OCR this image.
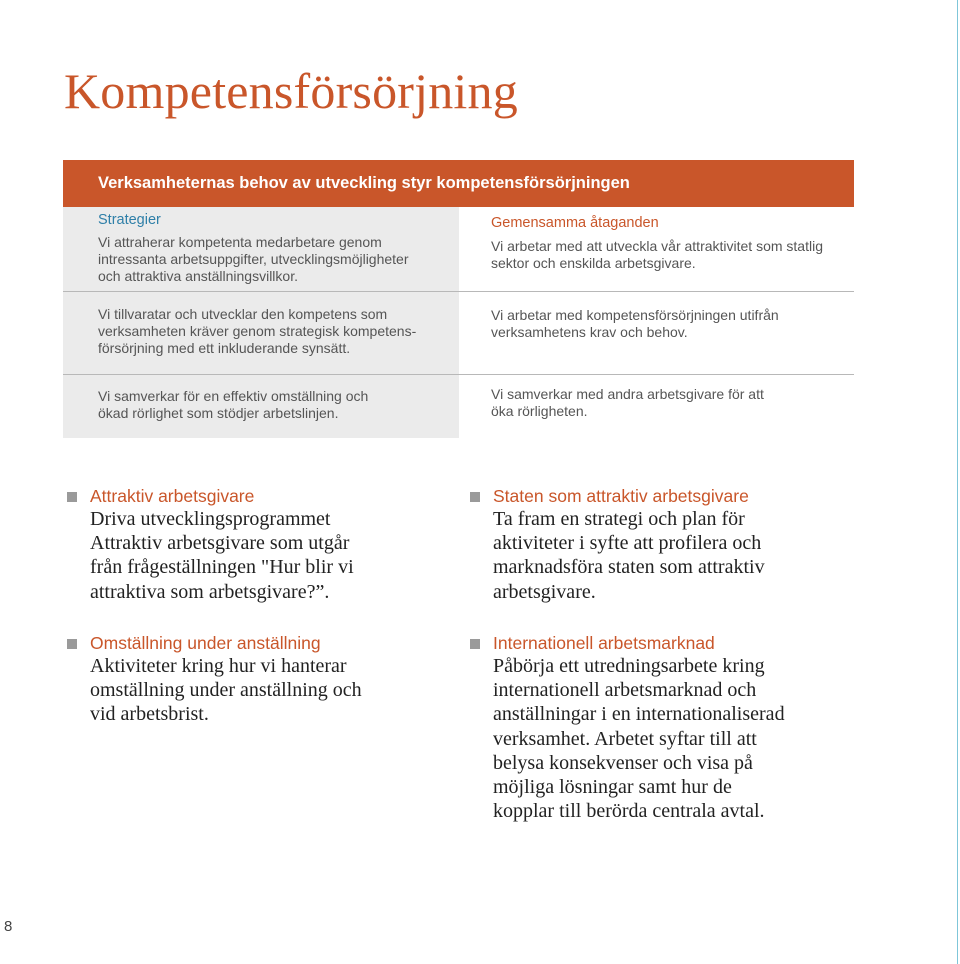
Kompetensförsörjning
Verksamheternas behov av utveckling styr kompetensförsörjningen
Strategier

Vi attraherar kompetenta medarbetare genom
intressanta arbetsuppgifter, utvecklingsmöjligheter
och attraktiva anställningsvillkor.

Vi tillvaratar och utvecklar den kompetens som
verksamheten kräver genom strategisk kompetens-
försörjning med ett inkluderande synsätt.

Vi samverkar för en effektiv omställning och
ökad rörlighet som stödjer arbetslinjen.

Gemensamma åtaganden

Vi arbetar med att utveckla vår attraktivitet som statlig
sektor och enskilda arbetsgivare.

Vi arbetar med kompetensförsörjningen utifrån
verksamhetens krav och behov.

Vi samverkar med andra arbetsgivare för att
öka rörligheten.

Attraktiv arbetsgivare

Driva utvecklingsprogrammet
Attraktiv arbetsgivare som utgår
från frågeställningen "Hur blir vi
attraktiva som arbetsgivare?”.

Staten som attraktiv arbetsgivare

Ta fram en strategi och plan för
aktiviteter i syfte att profilera och
marknadsföra staten som attraktiv
arbetsgivare.

Omställning under anställning

Aktiviteter kring hur vi hanterar
omställning under anställning och
vid arbetsbrist.

Internationell arbetsmarknad

Påbörja ett utredningsarbete kring
internationell arbetsmarknad och
anställningar i en internationaliserad
verksamhet. Arbetet syftar till att
belysa konsekvenser och visa på
möjliga lösningar samt hur de
kopplar till berörda centrala avtal.

8
